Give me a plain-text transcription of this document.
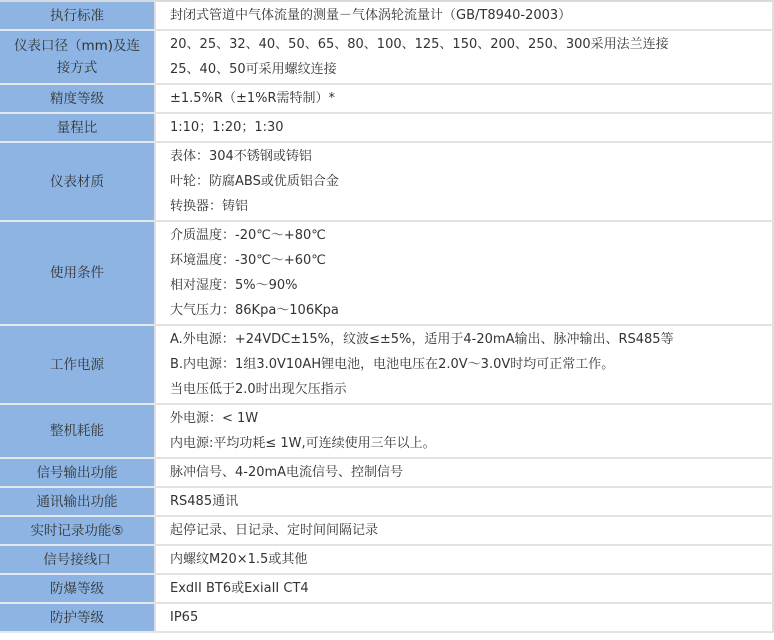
执行标准	封闭式管道中气体流量的测量－气体涡轮流量计（GB/T8940-2003）

仪表口径（mm)及连接方式	20、25、32、40、50、65、80、100、125、150、200、250、300采用法兰连接
25、40、50可采用螺纹连接

精度等级	±1.5%R（±1%R需特制）*

量程比	1:10；1:20；1:30

仪表材质	表体：304不锈钢或铸铝
叶轮：防腐ABS或优质铝合金
转换器：铸铝

使用条件	介质温度：-20℃～+80℃
环境温度：-30℃～+60℃
相对湿度：5%～90%
大气压力：86Kpa～106Kpa

工作电源	A.外电源：+24VDC±15%，纹波≤±5%，适用于4-20mA输出、脉冲输出、RS485等
B.内电源：1组3.0V10AH锂电池，电池电压在2.0V～3.0V时均可正常工作。
当电压低于2.0时出现欠压指示

整机耗能	外电源：< 1W
内电源:平均功耗≤ 1W,可连续使用三年以上。

信号输出功能	脉冲信号、4-20mA电流信号、控制信号

通讯输出功能	RS485通讯

实时记录功能⑤	起停记录、日记录、定时间间隔记录

信号接线口	内螺纹M20×1.5或其他

防爆等级	ExdII BT6或ExiaII CT4

防护等级	IP65
